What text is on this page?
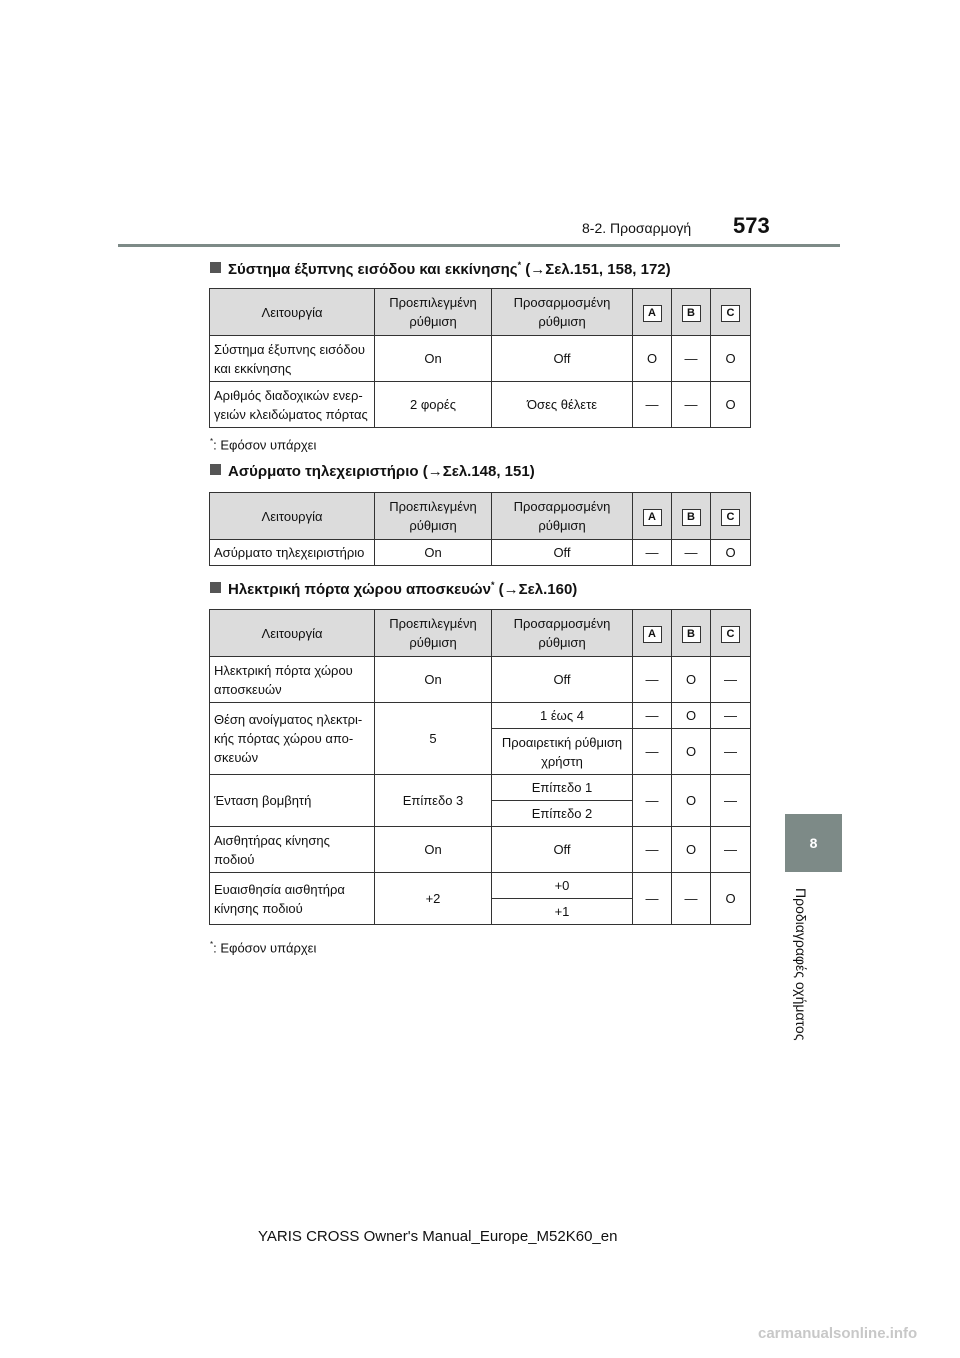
8-2. Προσαρμογή 573
8
Προδιαγραφές οχήματος
Σύστημα έξυπνης εισόδου και εκκίνησης* (→Σελ.151, 158, 172)
Λειτουργία	Προεπιλεγμένη ρύθμιση	Προσαρμοσμένη ρύθμιση	A	B	C
Σύστημα έξυπνης εισόδου και εκκίνησης	On	Off	O	—	O
Αριθμός διαδοχικών ενερ-γειών κλειδώματος πόρτας	2 φορές	Όσες θέλετε	—	—	O
*: Εφόσον υπάρχει
Ασύρματο τηλεχειριστήριο (→Σελ.148, 151)
Λειτουργία	Προεπιλεγμένη ρύθμιση	Προσαρμοσμένη ρύθμιση	A	B	C
Ασύρματο τηλεχειριστήριο	On	Off	—	—	O
Ηλεκτρική πόρτα χώρου αποσκευών* (→Σελ.160)
Λειτουργία	Προεπιλεγμένη ρύθμιση	Προσαρμοσμένη ρύθμιση	A	B	C
Ηλεκτρική πόρτα χώρου αποσκευών	On	Off	—	O	—
Θέση ανοίγματος ηλεκτρι-κής πόρτας χώρου απο-σκευών	5	1 έως 4	—	O	—
		Προαιρετική ρύθμιση χρήστη	—	O	—
Ένταση βομβητή	Επίπεδο 3	Επίπεδο 1	—	O	—
		Επίπεδο 2			
Αισθητήρας κίνησης ποδιού	On	Off	—	O	—
Ευαισθησία αισθητήρα κίνησης ποδιού	+2	+0	—	—	O
		+1			
*: Εφόσον υπάρχει
YARIS CROSS Owner's Manual_Europe_M52K60_en
carmanualsonline.info
